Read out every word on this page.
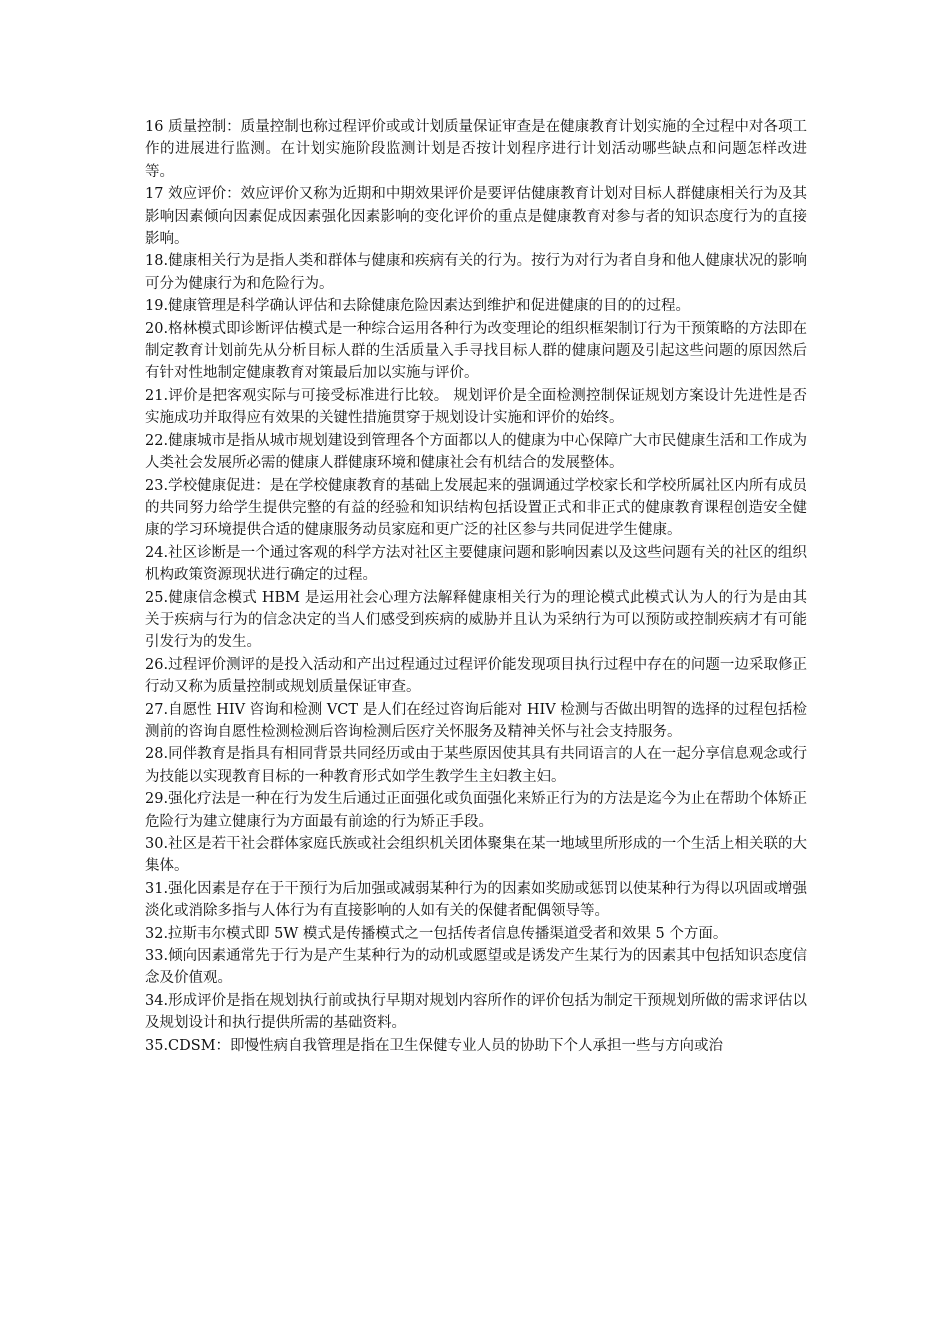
16 质量控制：质量控制也称过程评价或或计划质量保证审查是在健康教育计划实施的全过程中对各项工作的进展进行监测。在计划实施阶段监测计划是否按计划程序进行计划活动哪些缺点和问题怎样改进等。

17 效应评价：效应评价又称为近期和中期效果评价是要评估健康教育计划对目标人群健康相关行为及其影响因素倾向因素促成因素强化因素影响的变化评价的重点是健康教育对参与者的知识态度行为的直接影响。

18.健康相关行为是指人类和群体与健康和疾病有关的行为。按行为对行为者自身和他人健康状况的影响可分为健康行为和危险行为。

19.健康管理是科学确认评估和去除健康危险因素达到维护和促进健康的目的的过程。

20.格林模式即诊断评估模式是一种综合运用各种行为改变理论的组织框架制订行为干预策略的方法即在制定教育计划前先从分析目标人群的生活质量入手寻找目标人群的健康问题及引起这些问题的原因然后有针对性地制定健康教育对策最后加以实施与评价。

21.评价是把客观实际与可接受标准进行比较。 规划评价是全面检测控制保证规划方案设计先进性是否实施成功并取得应有效果的关键性措施贯穿于规划设计实施和评价的始终。

22.健康城市是指从城市规划建设到管理各个方面都以人的健康为中心保障广大市民健康生活和工作成为人类社会发展所必需的健康人群健康环境和健康社会有机结合的发展整体。

23.学校健康促进：是在学校健康教育的基础上发展起来的强调通过学校家长和学校所属社区内所有成员的共同努力给学生提供完整的有益的经验和知识结构包括设置正式和非正式的健康教育课程创造安全健康的学习环境提供合适的健康服务动员家庭和更广泛的社区参与共同促进学生健康。

24.社区诊断是一个通过客观的科学方法对社区主要健康问题和影响因素以及这些问题有关的社区的组织机构政策资源现状进行确定的过程。

25.健康信念模式 HBM 是运用社会心理方法解释健康相关行为的理论模式此模式认为人的行为是由其关于疾病与行为的信念决定的当人们感受到疾病的威胁并且认为采纳行为可以预防或控制疾病才有可能引发行为的发生。

26.过程评价测评的是投入活动和产出过程通过过程评价能发现项目执行过程中存在的问题一边采取修正行动又称为质量控制或规划质量保证审查。

27.自愿性 HIV 咨询和检测 VCT 是人们在经过咨询后能对 HIV 检测与否做出明智的选择的过程包括检测前的咨询自愿性检测检测后咨询检测后医疗关怀服务及精神关怀与社会支持服务。

28.同伴教育是指具有相同背景共同经历或由于某些原因使其具有共同语言的人在一起分享信息观念或行为技能以实现教育目标的一种教育形式如学生教学生主妇教主妇。

29.强化疗法是一种在行为发生后通过正面强化或负面强化来矫正行为的方法是迄今为止在帮助个体矫正危险行为建立健康行为方面最有前途的行为矫正手段。

30.社区是若干社会群体家庭氏族或社会组织机关团体聚集在某一地域里所形成的一个生活上相关联的大集体。

31.强化因素是存在于干预行为后加强或减弱某种行为的因素如奖励或惩罚以使某种行为得以巩固或增强淡化或消除多指与人体行为有直接影响的人如有关的保健者配偶领导等。

32.拉斯韦尔模式即 5W 模式是传播模式之一包括传者信息传播渠道受者和效果 5 个方面。

33.倾向因素通常先于行为是产生某种行为的动机或愿望或是诱发产生某行为的因素其中包括知识态度信念及价值观。

34.形成评价是指在规划执行前或执行早期对规划内容所作的评价包括为制定干预规划所做的需求评估以及规划设计和执行提供所需的基础资料。

35.CDSM：即慢性病自我管理是指在卫生保健专业人员的协助下个人承担一些与方向或治
